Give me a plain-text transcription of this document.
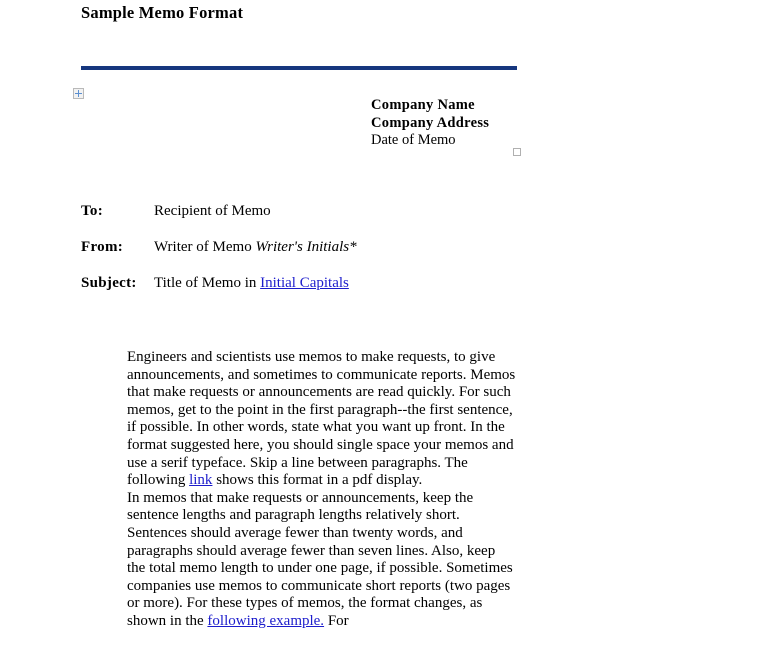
Sample Memo Format
Company Name
Company Address
Date of Memo
To:	Recipient of Memo
From: Writer of Memo Writer's Initials*
Subject: Title of Memo in Initial Capitals

Engineers and scientists use memos to make requests, to give announcements, and sometimes to communicate reports. Memos that make requests or announcements are read quickly. For such memos, get to the point in the first paragraph--the first sentence, if possible. In other words, state what you want up front. In the format suggested here, you should single space your memos and use a serif typeface. Skip a line between paragraphs. The following link shows this format in a pdf display.

In memos that make requests or announcements, keep the sentence lengths and paragraph lengths relatively short. Sentences should average fewer than twenty words, and paragraphs should average fewer than seven lines. Also, keep the total memo length to under one page, if possible. Sometimes companies use memos to communicate short reports (two pages or more). For these types of memos, the format changes, as shown in the following example. For
